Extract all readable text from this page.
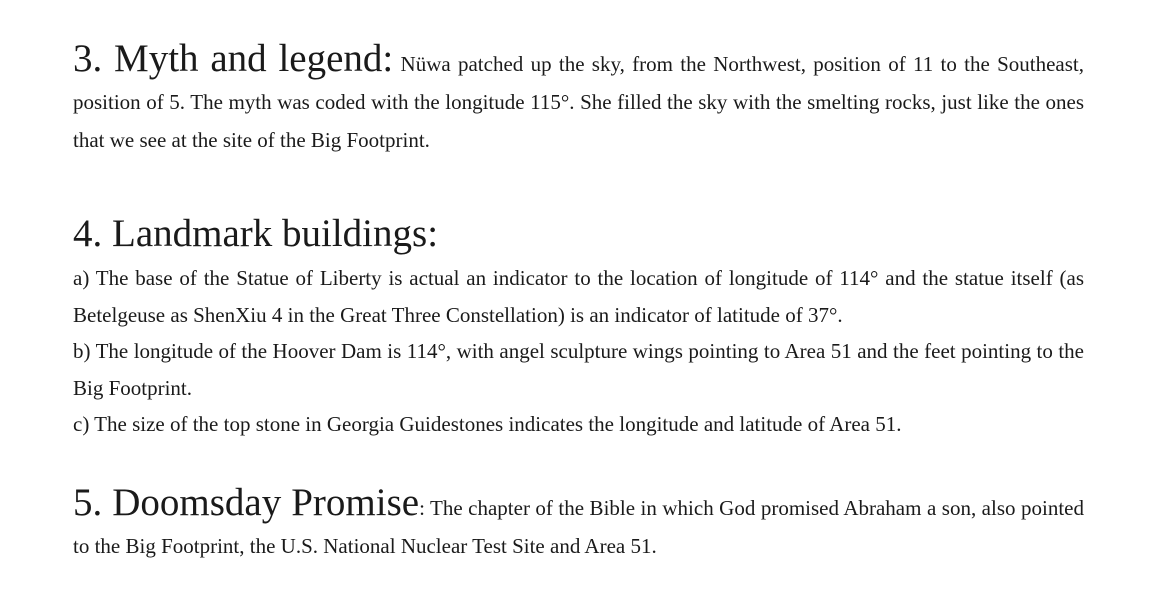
3. Myth and legend: Nüwa patched up the sky, from the Northwest, position of 11 to the Southeast, position of 5. The myth was coded with the longitude 115°. She filled the sky with the smelting rocks, just like the ones that we see at the site of the Big Footprint.

4. Landmark buildings:

a) The base of the Statue of Liberty is actual an indicator to the location of longitude of 114° and the statue itself (as Betelgeuse as ShenXiu 4 in the Great Three Constellation) is an indicator of latitude of 37°.

b) The longitude of the Hoover Dam is 114°, with angel sculpture wings pointing to Area 51 and the feet pointing to the Big Footprint.

c) The size of the top stone in Georgia Guidestones indicates the longitude and latitude of Area 51.

5. Doomsday Promise: The chapter of the Bible in which God promised Abraham a son, also pointed to the Big Footprint, the U.S. National Nuclear Test Site and Area 51.
